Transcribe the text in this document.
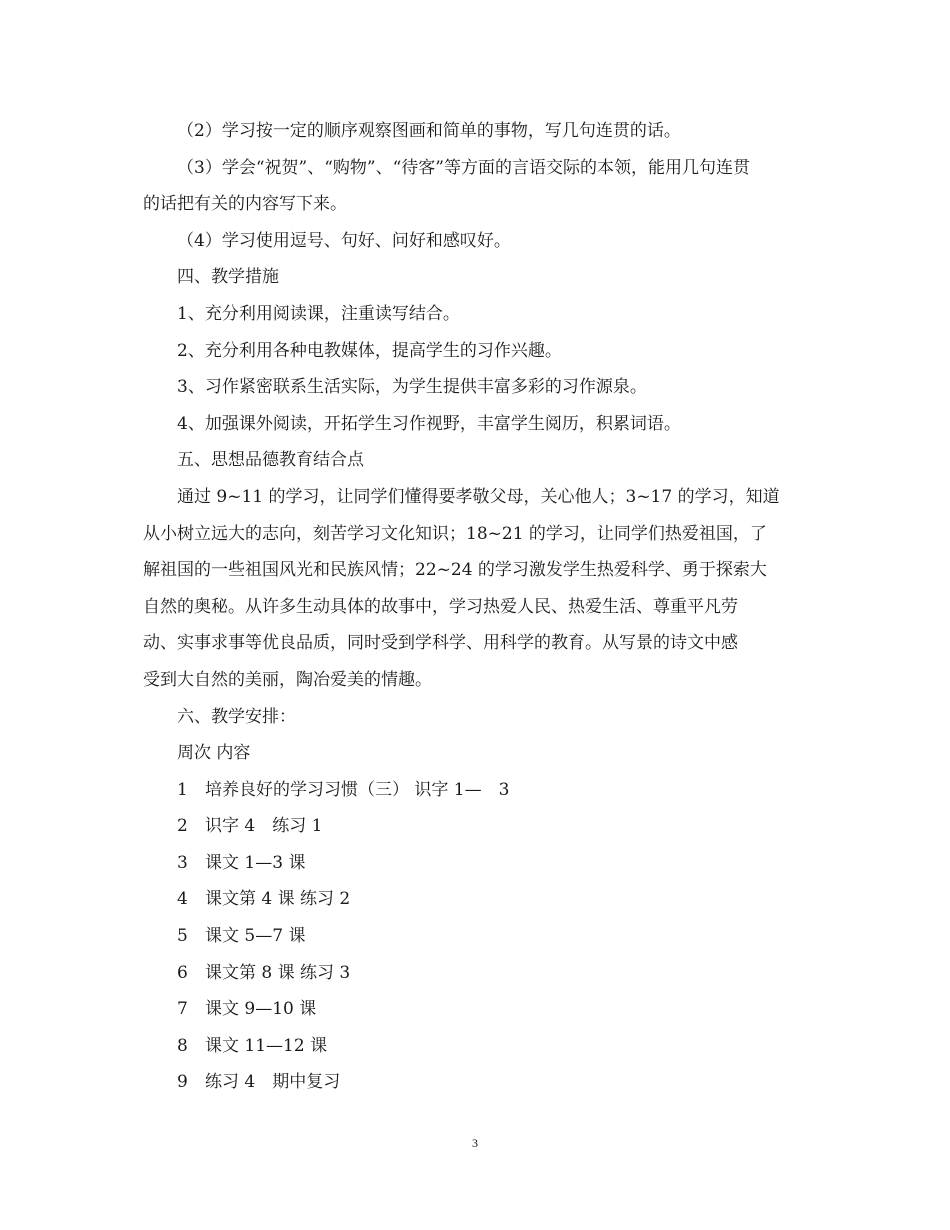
（2）学习按一定的顺序观察图画和简单的事物，写几句连贯的话。
（3）学会“祝贺”、“购物”、“待客”等方面的言语交际的本领，能用几句连贯
的话把有关的内容写下来。
（4）学习使用逗号、句好、问好和感叹好。
四、教学措施
1、充分利用阅读课，注重读写结合。
2、充分利用各种电教媒体，提高学生的习作兴趣。
3、习作紧密联系生活实际，为学生提供丰富多彩的习作源泉。
4、加强课外阅读，开拓学生习作视野，丰富学生阅历，积累词语。
五、思想品德教育结合点
通过 9~11 的学习，让同学们懂得要孝敬父母，关心他人；3~17 的学习，知道
从小树立远大的志向，刻苦学习文化知识；18~21 的学习，让同学们热爱祖国，了
解祖国的一些祖国风光和民族风情；22~24 的学习激发学生热爱科学、勇于探索大
自然的奥秘。从许多生动具体的故事中，学习热爱人民、热爱生活、尊重平凡劳
动、实事求事等优良品质，同时受到学科学、用科学的教育。从写景的诗文中感
受到大自然的美丽，陶冶爱美的情趣。
六、教学安排：
周次 内容
1 培养良好的学习习惯（三） 识字 1—　3
2 识字 4　练习 1
3 课文 1—3 课
4 课文第 4 课 练习 2
5 课文 5—7 课
6 课文第 8 课 练习 3
7 课文 9—10 课
8 课文 11—12 课
9 练习 4　期中复习
3
